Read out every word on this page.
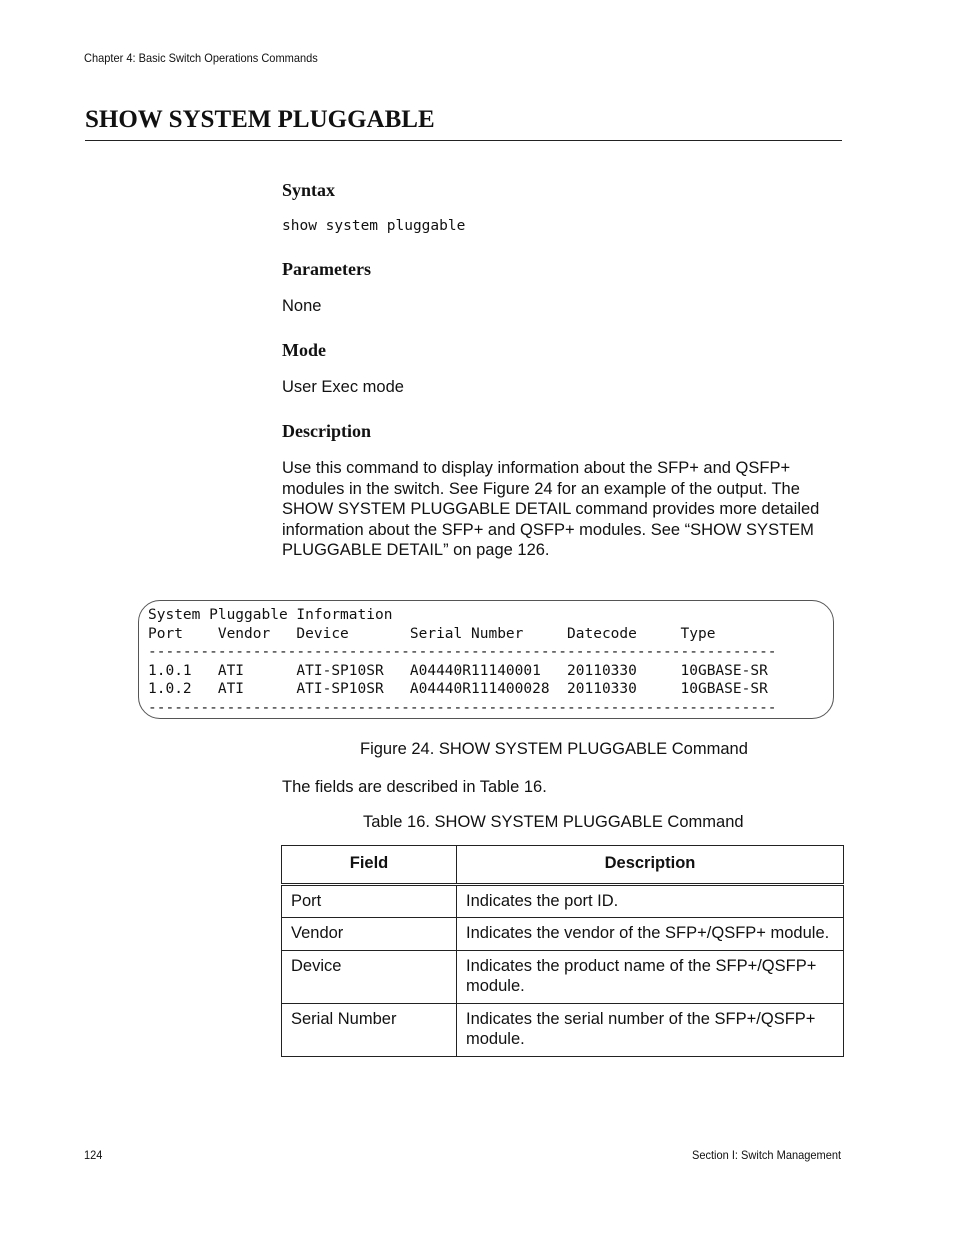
Chapter 4: Basic Switch Operations Commands
SHOW SYSTEM PLUGGABLE
Syntax
show system pluggable
Parameters

None

Mode

User Exec mode

Description
Use this command to display information about the SFP+ and QSFP+
modules in the switch. See Figure 24 for an example of the output. The
SHOW SYSTEM PLUGGABLE DETAIL command provides more detailed
information about the SFP+ and QSFP+ modules. See “SHOW SYSTEM
PLUGGABLE DETAIL” on page 126.
System Pluggable Information
Port    Vendor   Device       Serial Number     Datecode     Type
------------------------------------------------------------------------
1.0.1   ATI      ATI-SP10SR   A04440R11140001   20110330     10GBASE-SR
1.0.2   ATI      ATI-SP10SR   A04440R111400028  20110330     10GBASE-SR
------------------------------------------------------------------------
Figure 24. SHOW SYSTEM PLUGGABLE Command
The fields are described in Table 16.
Table 16. SHOW SYSTEM PLUGGABLE Command
Field	Description
Port	Indicates the port ID.
Vendor	Indicates the vendor of the SFP+/QSFP+ module.
Device	Indicates the product name of the SFP+/QSFP+ module.
Serial Number	Indicates the serial number of the SFP+/QSFP+ module.
124	Section I: Switch Management
